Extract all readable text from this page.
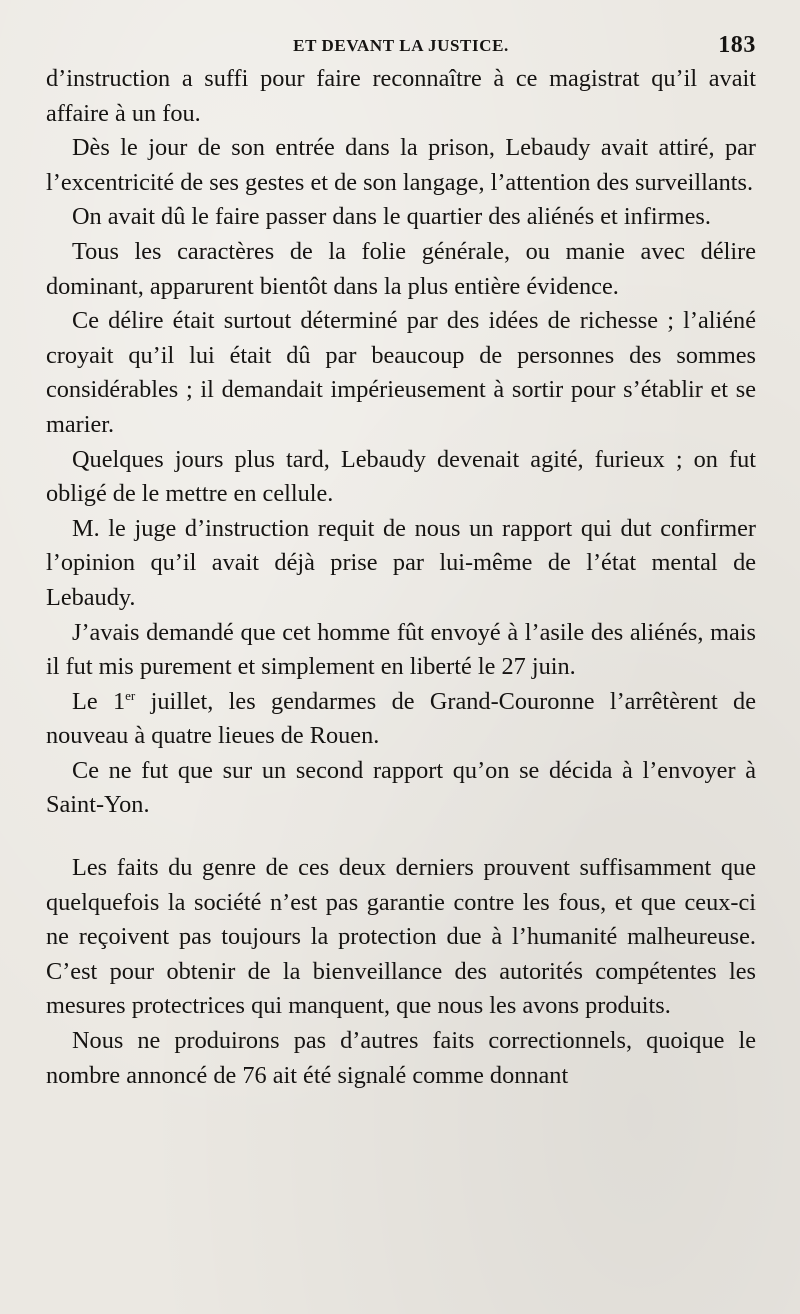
ET DEVANT LA JUSTICE.	183

d’instruction a suffi pour faire reconnaître à ce magistrat qu’il avait affaire à un fou.

Dès le jour de son entrée dans la prison, Lebaudy avait attiré, par l’excentricité de ses gestes et de son langage, l’attention des surveillants.

On avait dû le faire passer dans le quartier des aliénés et infirmes.

Tous les caractères de la folie générale, ou manie avec délire dominant, apparurent bientôt dans la plus entière évidence.

Ce délire était surtout déterminé par des idées de richesse ; l’aliéné croyait qu’il lui était dû par beaucoup de personnes des sommes considérables ; il demandait impérieusement à sortir pour s’établir et se marier.

Quelques jours plus tard, Lebaudy devenait agité, furieux ; on fut obligé de le mettre en cellule.

M. le juge d’instruction requit de nous un rapport qui dut confirmer l’opinion qu’il avait déjà prise par lui-même de l’état mental de Lebaudy.

J’avais demandé que cet homme fût envoyé à l’asile des aliénés, mais il fut mis purement et simplement en liberté le 27 juin.

Le 1er juillet, les gendarmes de Grand-Couronne l’arrêtèrent de nouveau à quatre lieues de Rouen.

Ce ne fut que sur un second rapport qu’on se décida à l’envoyer à Saint-Yon.

Les faits du genre de ces deux derniers prouvent suffisamment que quelquefois la société n’est pas garantie contre les fous, et que ceux-ci ne reçoivent pas toujours la protection due à l’humanité malheureuse. C’est pour obtenir de la bienveillance des autorités compétentes les mesures protectrices qui manquent, que nous les avons produits.

Nous ne produirons pas d’autres faits correctionnels, quoique le nombre annoncé de 76 ait été signalé comme donnant
